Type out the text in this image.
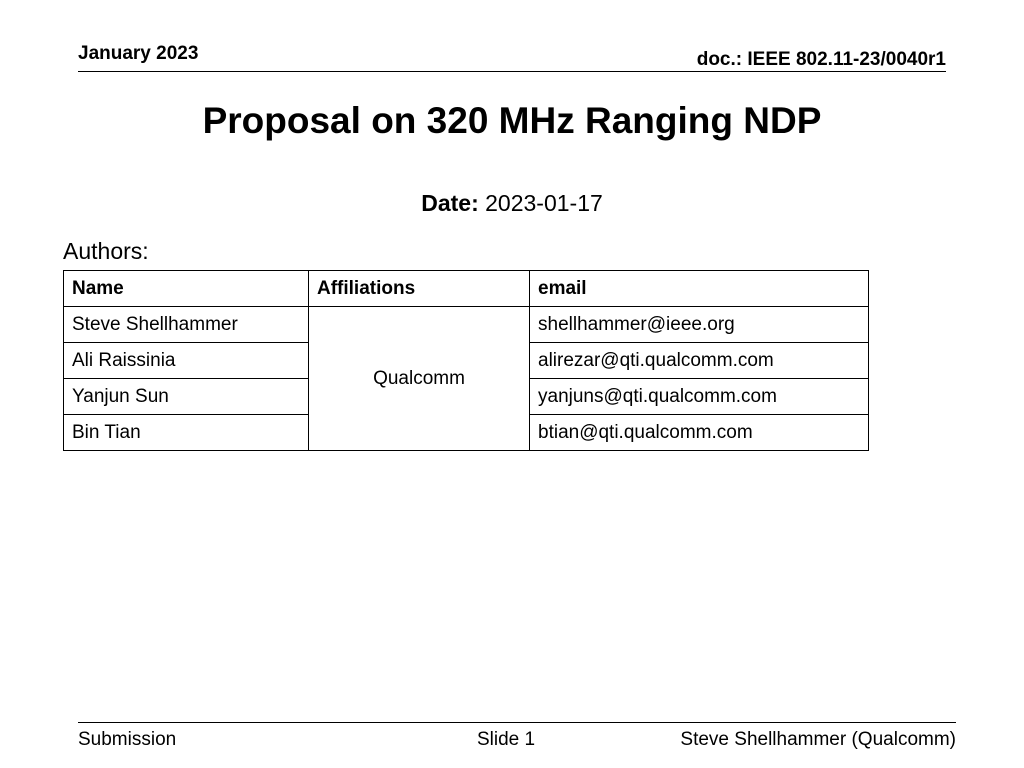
January 2023	doc.: IEEE 802.11-23/0040r1
Proposal on 320 MHz Ranging NDP
Date: 2023-01-17
Authors:
Name	Affiliations	email
Steve Shellhammer	Qualcomm	shellhammer@ieee.org
Ali Raissinia		alirezar@qti.qualcomm.com
Yanjun Sun		yanjuns@qti.qualcomm.com
Bin Tian		btian@qti.qualcomm.com
Submission	Slide 1	Steve Shellhammer (Qualcomm)
